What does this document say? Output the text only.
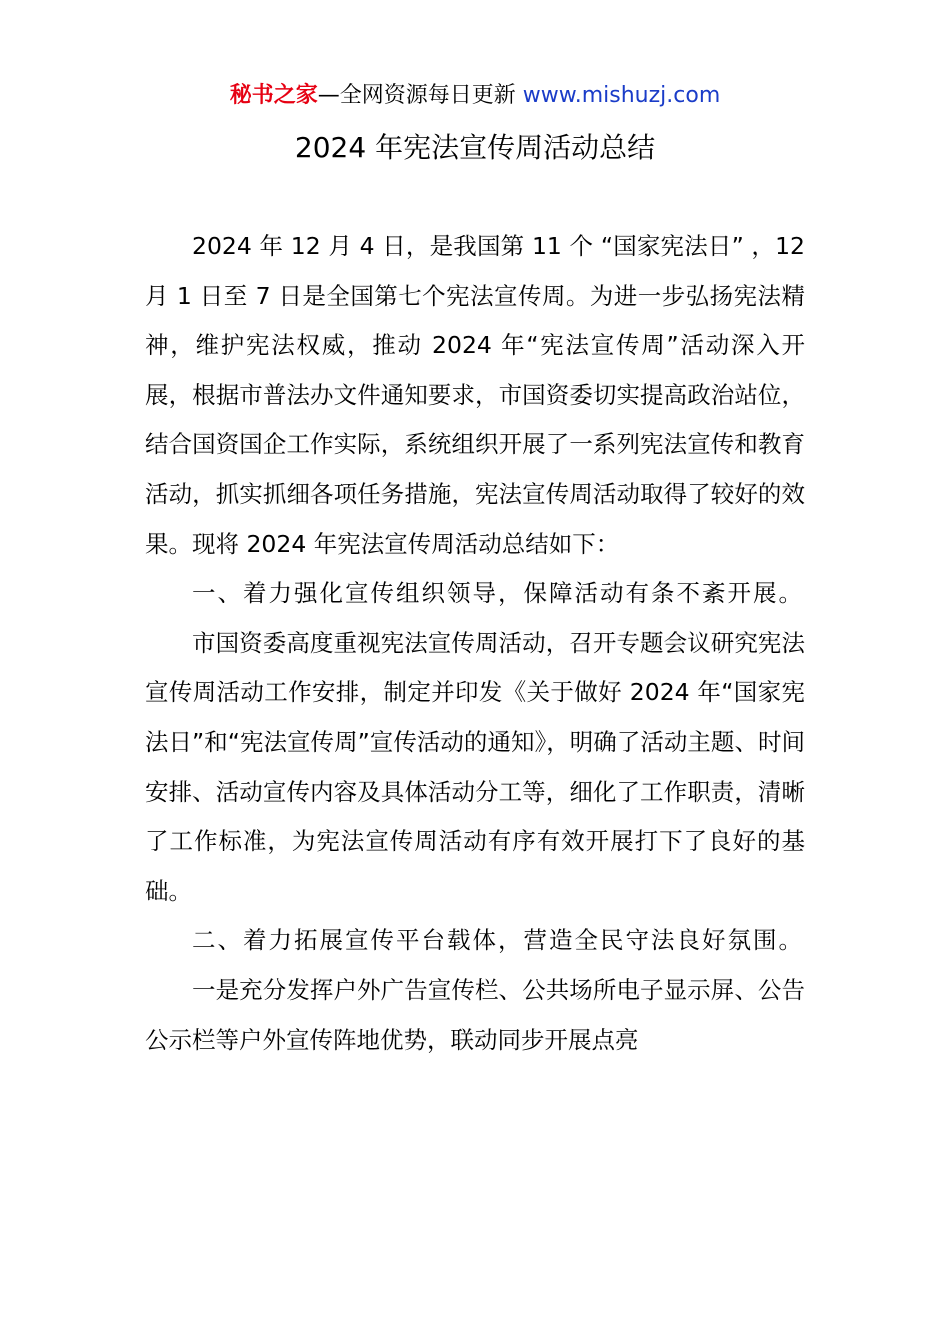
秘书之家—全网资源每日更新 www.mishuzj.com
2024 年宪法宣传周活动总结

2024 年 12 月 4 日，是我国第 11 个 “国家宪法日” ，12 月 1 日至 7 日是全国第七个宪法宣传周。为进一步弘扬宪法精神，维护宪法权威，推动 2024 年“宪法宣传周”活动深入开展，根据市普法办文件通知要求，市国资委切实提高政治站位，结合国资国企工作实际，系统组织开展了一系列宪法宣传和教育活动，抓实抓细各项任务措施，宪法宣传周活动取得了较好的效果。现将 2024 年宪法宣传周活动总结如下：

一、着力强化宣传组织领导，保障活动有条不紊开展。

市国资委高度重视宪法宣传周活动，召开专题会议研究宪法宣传周活动工作安排，制定并印发《关于做好 2024 年“国家宪法日”和“宪法宣传周”宣传活动的通知》，明确了活动主题、时间安排、活动宣传内容及具体活动分工等，细化了工作职责，清晰了工作标准，为宪法宣传周活动有序有效开展打下了良好的基础。

二、着力拓展宣传平台载体，营造全民守法良好氛围。

一是充分发挥户外广告宣传栏、公共场所电子显示屏、公告公示栏等户外宣传阵地优势，联动同步开展点亮
